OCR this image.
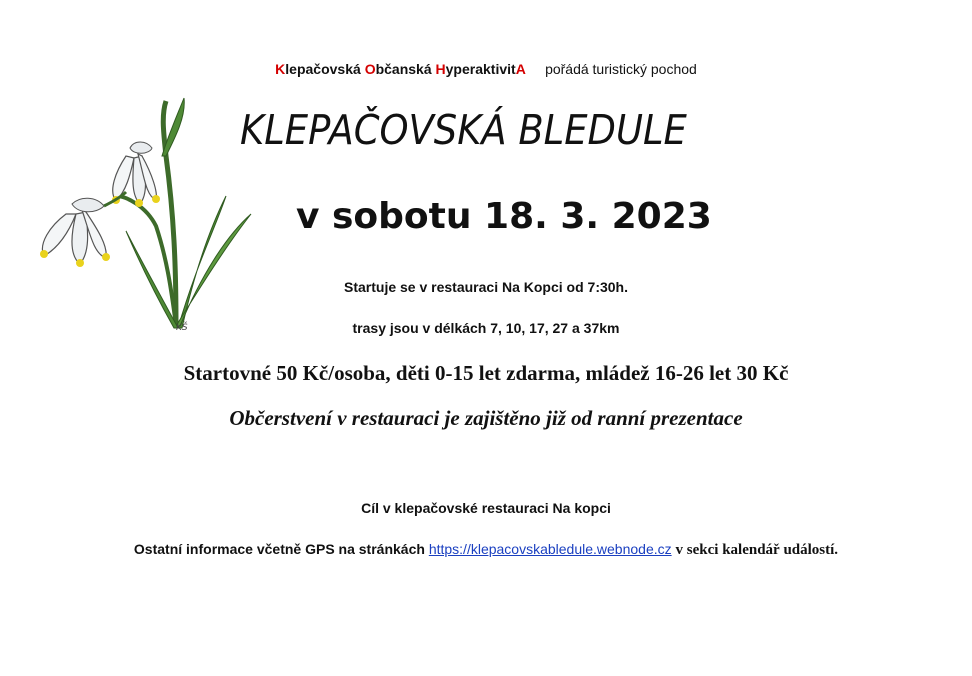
KŠ
Klepačovská Občanská HyperaktivitA pořádá turistický pochod
KLEPAČOVSKÁ BLEDULE
v sobotu 18. 3. 2023
Startuje se v restauraci Na Kopci od 7:30h.
trasy jsou v délkách 7, 10, 17, 27 a 37km
Startovné 50 Kč/osoba, děti 0-15 let zdarma, mládež 16-26 let 30 Kč
Občerstvení v restauraci je zajištěno již od ranní prezentace
Cíl v klepačovské restauraci Na kopci
Ostatní informace včetně GPS na stránkách https://klepacovskabledule.webnode.cz v sekci kalendář událostí.
